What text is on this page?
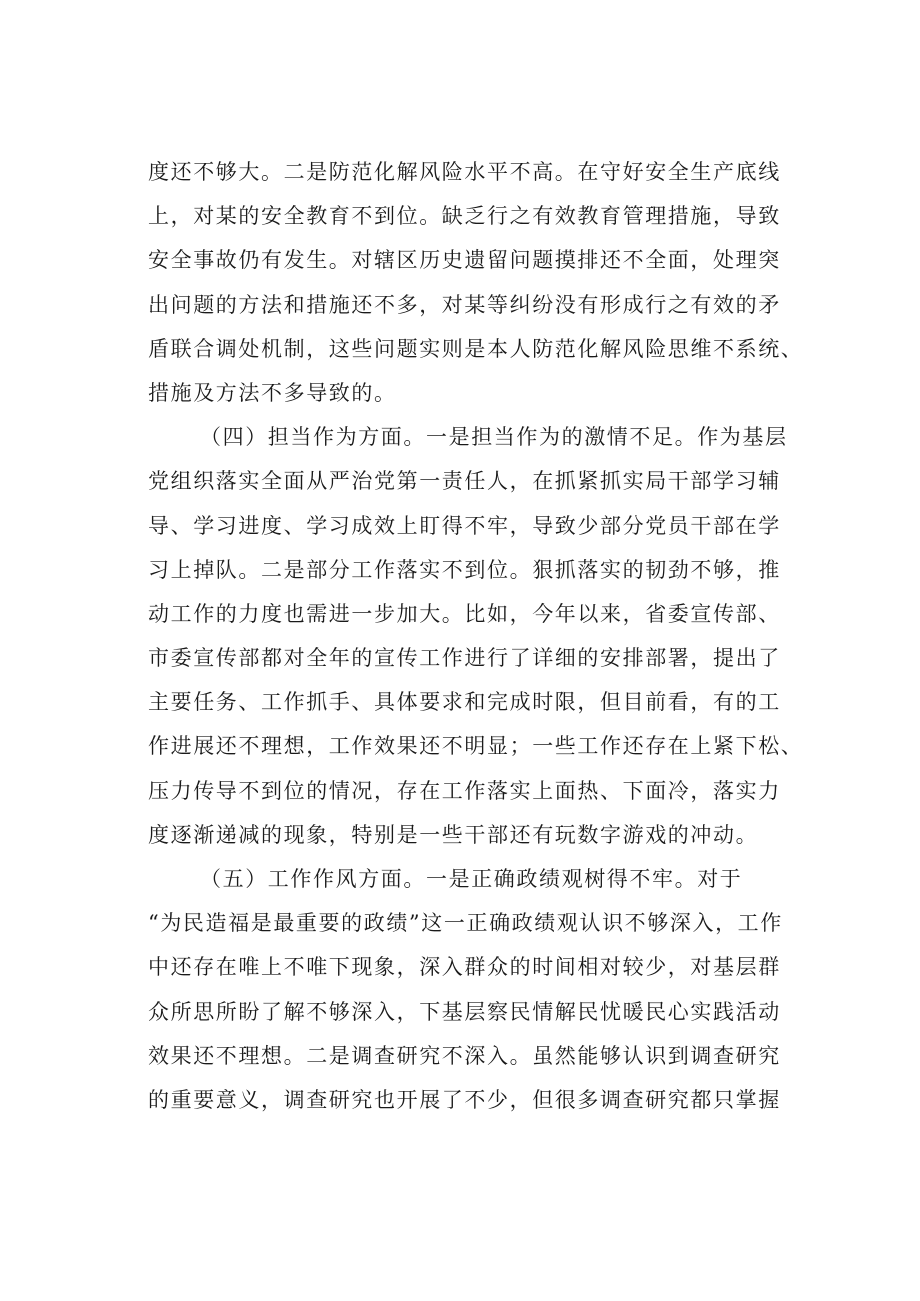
度还不够大。二是防范化解风险水平不高。在守好安全生产底线
上，对某的安全教育不到位。缺乏行之有效教育管理措施，导致
安全事故仍有发生。对辖区历史遗留问题摸排还不全面，处理突
出问题的方法和措施还不多，对某等纠纷没有形成行之有效的矛
盾联合调处机制，这些问题实则是本人防范化解风险思维不系统、
措施及方法不多导致的。
（四）担当作为方面。一是担当作为的激情不足。作为基层
党组织落实全面从严治党第一责任人，在抓紧抓实局干部学习辅
导、学习进度、学习成效上盯得不牢，导致少部分党员干部在学
习上掉队。二是部分工作落实不到位。狠抓落实的韧劲不够，推
动工作的力度也需进一步加大。比如，今年以来，省委宣传部、
市委宣传部都对全年的宣传工作进行了详细的安排部署，提出了
主要任务、工作抓手、具体要求和完成时限，但目前看，有的工
作进展还不理想，工作效果还不明显；一些工作还存在上紧下松、
压力传导不到位的情况，存在工作落实上面热、下面冷，落实力
度逐渐递减的现象，特别是一些干部还有玩数字游戏的冲动。
（五）工作作风方面。一是正确政绩观树得不牢。对于
“为民造福是最重要的政绩”这一正确政绩观认识不够深入，工作
中还存在唯上不唯下现象，深入群众的时间相对较少，对基层群
众所思所盼了解不够深入，下基层察民情解民忧暖民心实践活动
效果还不理想。二是调查研究不深入。虽然能够认识到调查研究
的重要意义，调查研究也开展了不少，但很多调查研究都只掌握
